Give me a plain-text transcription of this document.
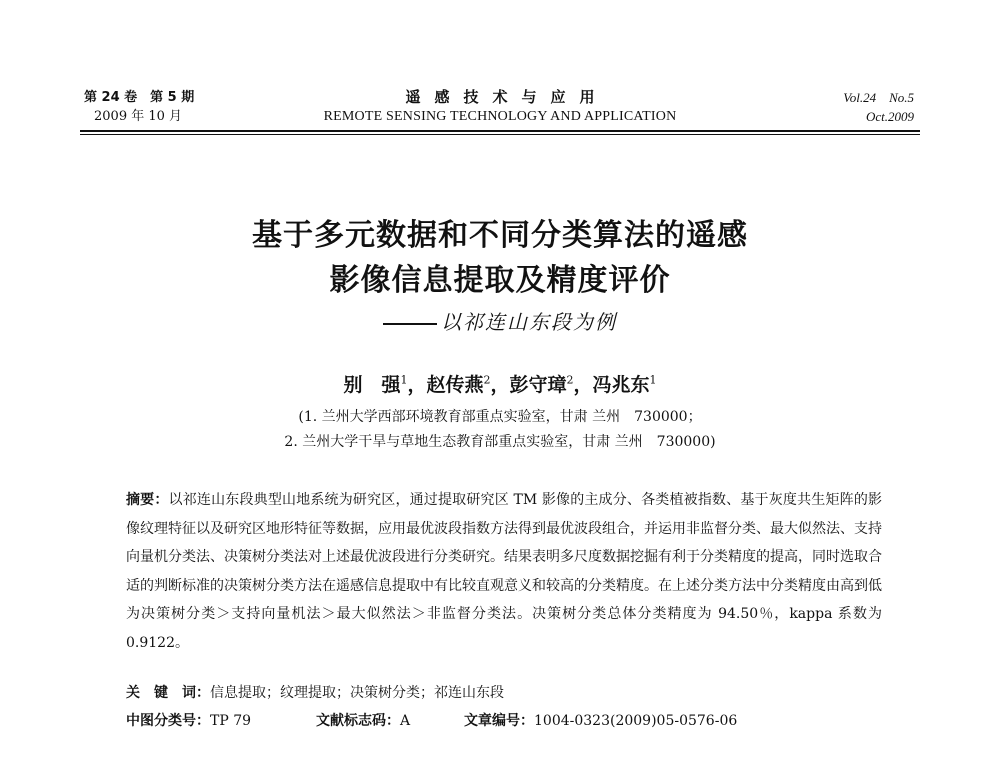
第 24 卷　第 5 期
2009 年 10 月
遥感技术与应用
REMOTE SENSING TECHNOLOGY AND APPLICATION
Vol.24　No.5
Oct.2009
基于多元数据和不同分类算法的遥感
影像信息提取及精度评价
以祁连山东段为例
别　强$^1$，赵传燕$^2$，彭守璋$^2$，冯兆东$^1$
(1. 兰州大学西部环境教育部重点实验室，甘肃 兰州　730000；
2. 兰州大学干旱与草地生态教育部重点实验室，甘肃 兰州　730000)
摘要：以祁连山东段典型山地系统为研究区，通过提取研究区 TM 影像的主成分、各类植被指数、基于灰度共生矩阵的影像纹理特征以及研究区地形特征等数据，应用最优波段指数方法得到最优波段组合，并运用非监督分类、最大似然法、支持向量机分类法、决策树分类法对上述最优波段进行分类研究。结果表明多尺度数据挖掘有利于分类精度的提高，同时选取合适的判断标准的决策树分类方法在遥感信息提取中有比较直观意义和较高的分类精度。在上述分类方法中分类精度由高到低为决策树分类＞支持向量机法＞最大似然法＞非监督分类法。决策树分类总体分类精度为 94.50％，kappa 系数为 0.9122。
关　键　词：信息提取；纹理提取；决策树分类；祁连山东段
中图分类号：TP 79	文献标志码：A	文章编号：1004-0323(2009)05-0576-06
